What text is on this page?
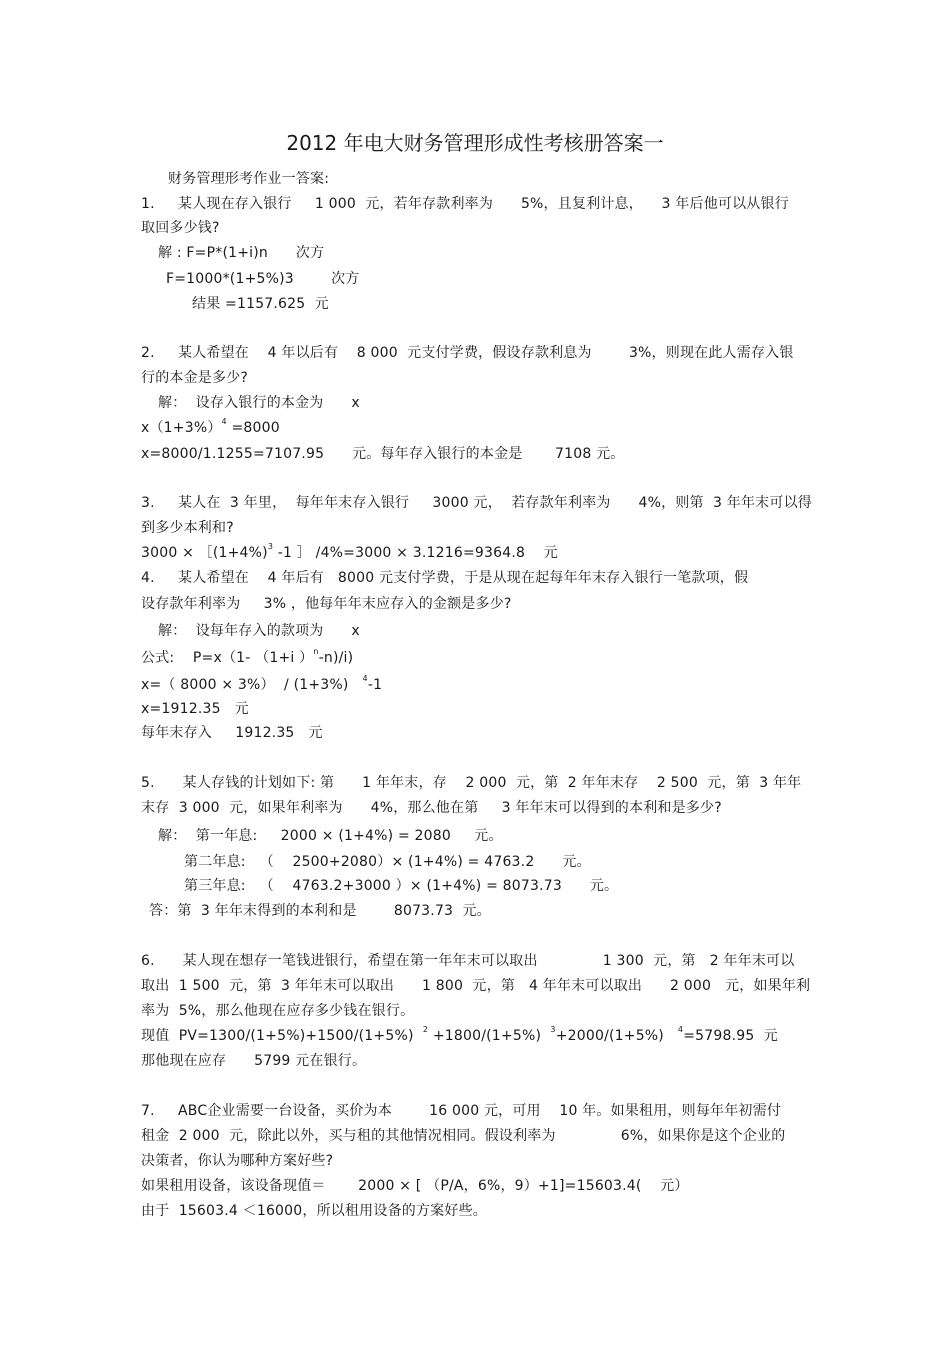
2012 年电大财务管理形成性考核册答案一
财务管理形考作业一答案:
1.     某人现在存入银行     1 000  元，若年存款利率为      5%，且复利计息，    3 年后他可以从银行
取回多少钱?
解 : F=P*(1+i)n      次方
F=1000*(1+5%)3        次方
结果 =1157.625  元
2.     某人希望在    4 年以后有    8 000  元支付学费，假设存款利息为        3%，则现在此人需存入银
行的本金是多少?
解：  设存入银行的本金为      x
$x(1+3\%)^4 =8000$
x=8000/1.1255=7107.95      元。每年存入银行的本金是       7108 元。
3.     某人在  3 年里，  每年年末存入银行     3000 元，  若存款年利率为      4%，则第  3 年年末可以得
到多少本利和?
$3000 \times [(1+4\%)^3$ -1 ］ /4%=3000 × 3.1216=9364.8    元
4.     某人希望在    4 年后有   8000 元支付学费，于是从现在起每年年末存入银行一笔款项，假
设存款年利率为     3% ，他每年年末应存入的金额是多少?
解：  设每年存入的款项为      x
公式:    P=x（1- （1+i ）$^n$-n)/i)
x=（ 8000 × 3%）  / (1+3%)   $^4$-1
x=1912.35   元
每年末存入     1912.35   元
5.      某人存钱的计划如下: 第      1 年年末，存    2 000  元，第  2 年年末存    2 500  元，第  3 年年
末存  3 000  元，如果年利率为      4%，那么他在第     3 年年末可以得到的本利和是多少?
解：  第一年息:     2000 × (1+4%) = 2080     元。
第二年息:   （    2500+2080）× (1+4%) = 4763.2      元。
第三年息:   （    4763.2+3000 ）× (1+4%) = 8073.73      元。
答：第  3 年年末得到的本利和是        8073.73  元。
6.      某人现在想存一笔钱进银行，希望在第一年年末可以取出              1 300  元，第   2 年年末可以
取出  1 500  元，第  3 年年末可以取出      1 800  元，第   4 年年末可以取出      2 000   元，如果年利
率为  5%，那么他现在应存多少钱在银行。
现值  PV=1300/(1+5%)+1500/(1+5%)  $^2$ +1800/(1+5%)  $^3$+2000/(1+5%)   $^4$=5798.95  元
那他现在应存      5799 元在银行。
7.     ABC企业需要一台设备，买价为本        16 000 元，可用    10 年。如果租用，则每年年初需付
租金  2 000  元，除此以外，买与租的其他情况相同。假设利率为              6%，如果你是这个企业的
决策者，你认为哪种方案好些?
如果租用设备，该设备现值＝       2000 × [ （P/A，6%，9）+1]=15603.4(    元）
由于  15603.4 ＜16000，所以租用设备的方案好些。
